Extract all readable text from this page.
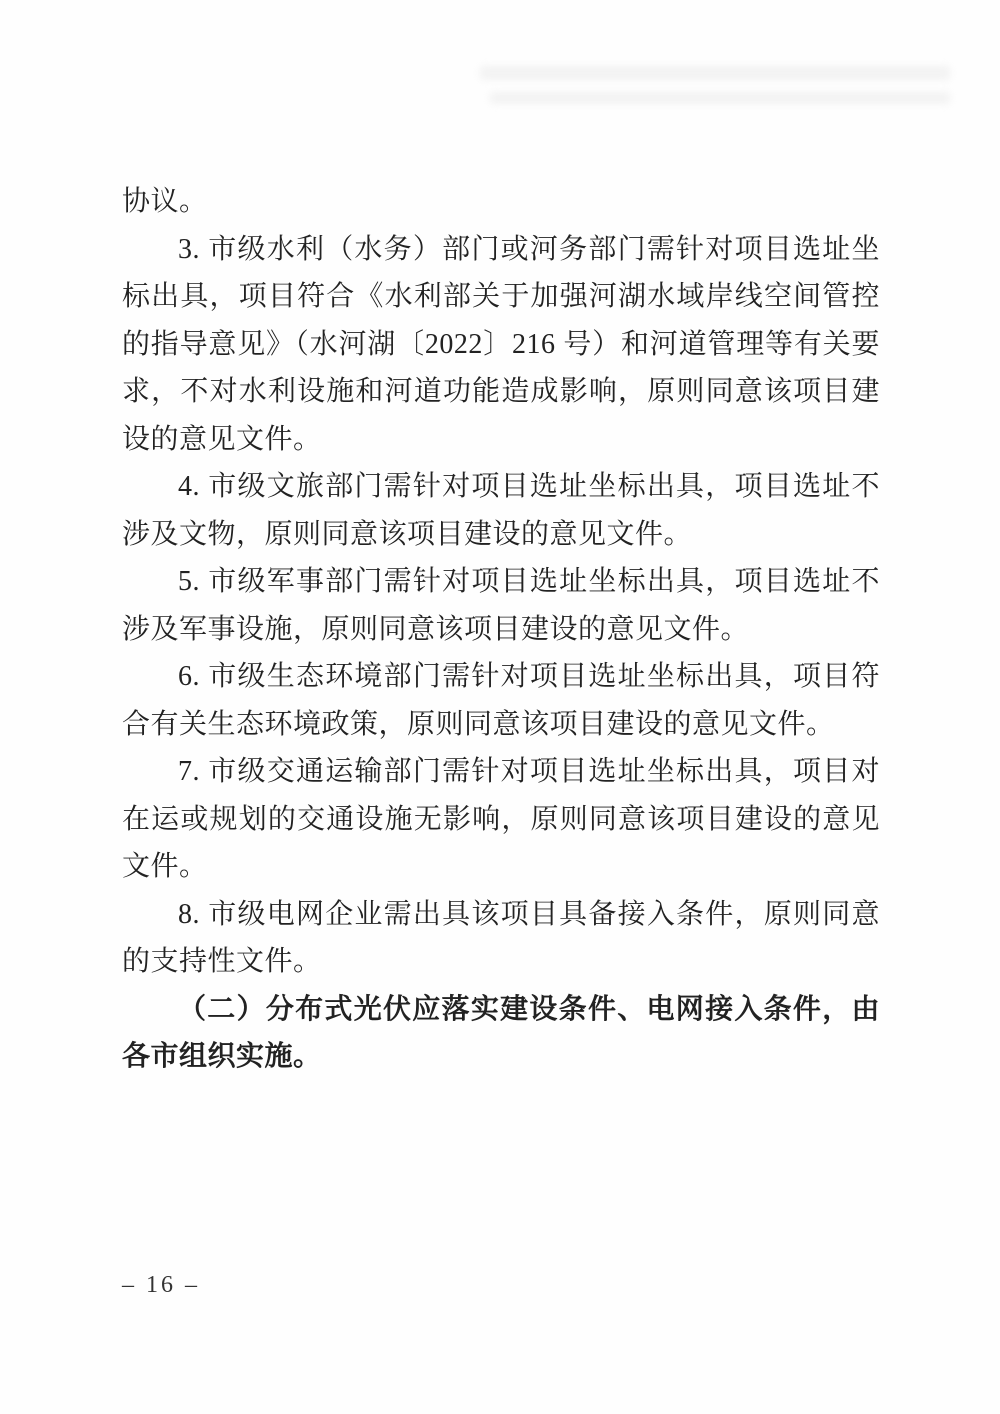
协议。

3. 市级水利（水务）部门或河务部门需针对项目选址坐标出具，项目符合《水利部关于加强河湖水域岸线空间管控的指导意见》（水河湖〔2022〕216 号）和河道管理等有关要求，不对水利设施和河道功能造成影响，原则同意该项目建设的意见文件。

4. 市级文旅部门需针对项目选址坐标出具，项目选址不涉及文物，原则同意该项目建设的意见文件。

5. 市级军事部门需针对项目选址坐标出具，项目选址不涉及军事设施，原则同意该项目建设的意见文件。

6. 市级生态环境部门需针对项目选址坐标出具，项目符合有关生态环境政策，原则同意该项目建设的意见文件。

7. 市级交通运输部门需针对项目选址坐标出具，项目对在运或规划的交通设施无影响，原则同意该项目建设的意见文件。

8. 市级电网企业需出具该项目具备接入条件，原则同意的支持性文件。

（二）分布式光伏应落实建设条件、电网接入条件，由各市组织实施。

– 16 –
